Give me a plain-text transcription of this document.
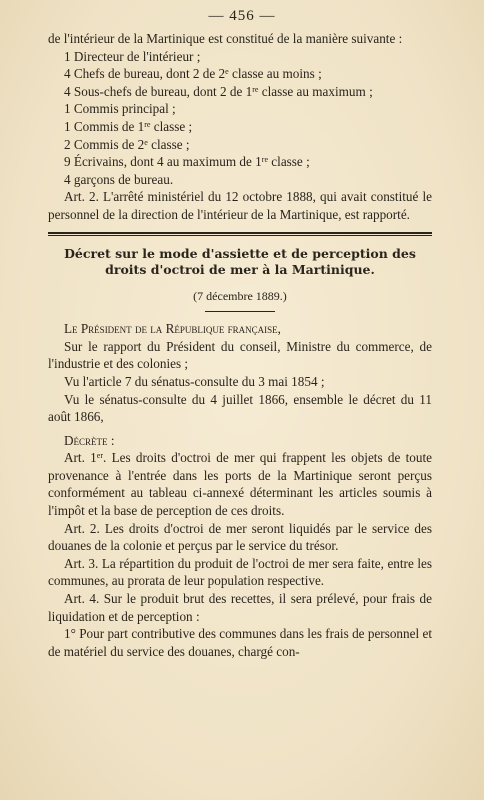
— 456 —

de l'intérieur de la Martinique est constitué de la manière suivante :

1 Directeur de l'intérieur ;
4 Chefs de bureau, dont 2 de 2e classe au moins ;
4 Sous-chefs de bureau, dont 2 de 1re classe au maximum ;
1 Commis principal ;
1 Commis de 1re classe ;
2 Commis de 2e classe ;
9 Écrivains, dont 4 au maximum de 1re classe ;
4 garçons de bureau.

Art. 2. L'arrêté ministériel du 12 octobre 1888, qui avait constitué le personnel de la direction de l'intérieur de la Martinique, est rapporté.

Décret sur le mode d'assiette et de perception des droits d'octroi de mer à la Martinique.
(7 décembre 1889.)

Le Président de la République française,

Sur le rapport du Président du conseil, Ministre du commerce, de l'industrie et des colonies ;

Vu l'article 7 du sénatus-consulte du 3 mai 1854 ;

Vu le sénatus-consulte du 4 juillet 1866, ensemble le décret du 11 août 1866,

Décrète :

Art. 1er. Les droits d'octroi de mer qui frappent les objets de toute provenance à l'entrée dans les ports de la Martinique seront perçus conformément au tableau ci-annexé déterminant les articles soumis à l'impôt et la base de perception de ces droits.

Art. 2. Les droits d'octroi de mer seront liquidés par le service des douanes de la colonie et perçus par le service du trésor.

Art. 3. La répartition du produit de l'octroi de mer sera faite, entre les communes, au prorata de leur population respective.

Art. 4. Sur le produit brut des recettes, il sera prélevé, pour frais de liquidation et de perception :

1° Pour part contributive des communes dans les frais de personnel et de matériel du service des douanes, chargé con-
